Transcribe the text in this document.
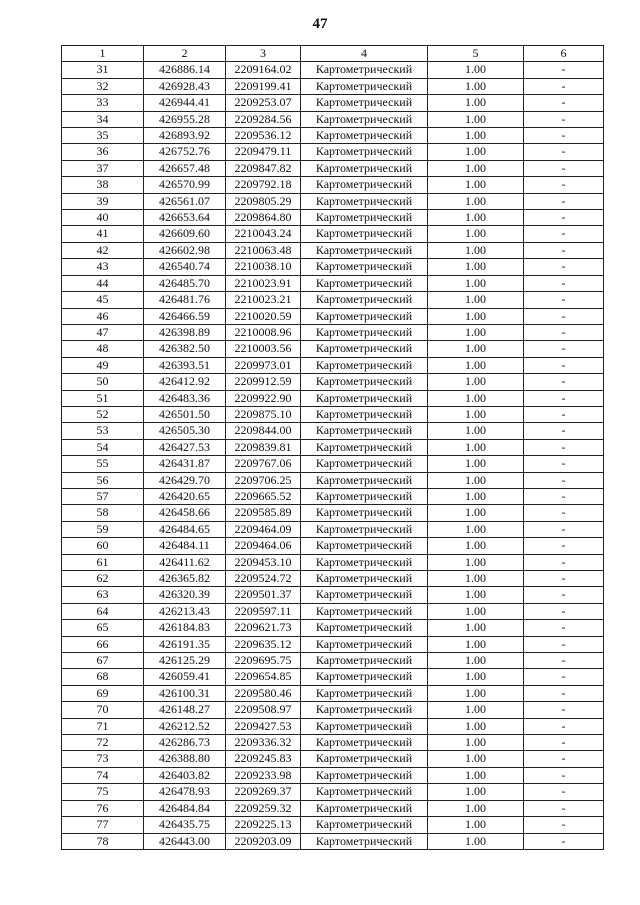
47
1	2	3	4	5	6
31	426886.14	2209164.02	Картометрический	1.00	-
32	426928.43	2209199.41	Картометрический	1.00	-
33	426944.41	2209253.07	Картометрический	1.00	-
34	426955.28	2209284.56	Картометрический	1.00	-
35	426893.92	2209536.12	Картометрический	1.00	-
36	426752.76	2209479.11	Картометрический	1.00	-
37	426657.48	2209847.82	Картометрический	1.00	-
38	426570.99	2209792.18	Картометрический	1.00	-
39	426561.07	2209805.29	Картометрический	1.00	-
40	426653.64	2209864.80	Картометрический	1.00	-
41	426609.60	2210043.24	Картометрический	1.00	-
42	426602.98	2210063.48	Картометрический	1.00	-
43	426540.74	2210038.10	Картометрический	1.00	-
44	426485.70	2210023.91	Картометрический	1.00	-
45	426481.76	2210023.21	Картометрический	1.00	-
46	426466.59	2210020.59	Картометрический	1.00	-
47	426398.89	2210008.96	Картометрический	1.00	-
48	426382.50	2210003.56	Картометрический	1.00	-
49	426393.51	2209973.01	Картометрический	1.00	-
50	426412.92	2209912.59	Картометрический	1.00	-
51	426483.36	2209922.90	Картометрический	1.00	-
52	426501.50	2209875.10	Картометрический	1.00	-
53	426505.30	2209844.00	Картометрический	1.00	-
54	426427.53	2209839.81	Картометрический	1.00	-
55	426431.87	2209767.06	Картометрический	1.00	-
56	426429.70	2209706.25	Картометрический	1.00	-
57	426420.65	2209665.52	Картометрический	1.00	-
58	426458.66	2209585.89	Картометрический	1.00	-
59	426484.65	2209464.09	Картометрический	1.00	-
60	426484.11	2209464.06	Картометрический	1.00	-
61	426411.62	2209453.10	Картометрический	1.00	-
62	426365.82	2209524.72	Картометрический	1.00	-
63	426320.39	2209501.37	Картометрический	1.00	-
64	426213.43	2209597.11	Картометрический	1.00	-
65	426184.83	2209621.73	Картометрический	1.00	-
66	426191.35	2209635.12	Картометрический	1.00	-
67	426125.29	2209695.75	Картометрический	1.00	-
68	426059.41	2209654.85	Картометрический	1.00	-
69	426100.31	2209580.46	Картометрический	1.00	-
70	426148.27	2209508.97	Картометрический	1.00	-
71	426212.52	2209427.53	Картометрический	1.00	-
72	426286.73	2209336.32	Картометрический	1.00	-
73	426388.80	2209245.83	Картометрический	1.00	-
74	426403.82	2209233.98	Картометрический	1.00	-
75	426478.93	2209269.37	Картометрический	1.00	-
76	426484.84	2209259.32	Картометрический	1.00	-
77	426435.75	2209225.13	Картометрический	1.00	-
78	426443.00	2209203.09	Картометрический	1.00	-
